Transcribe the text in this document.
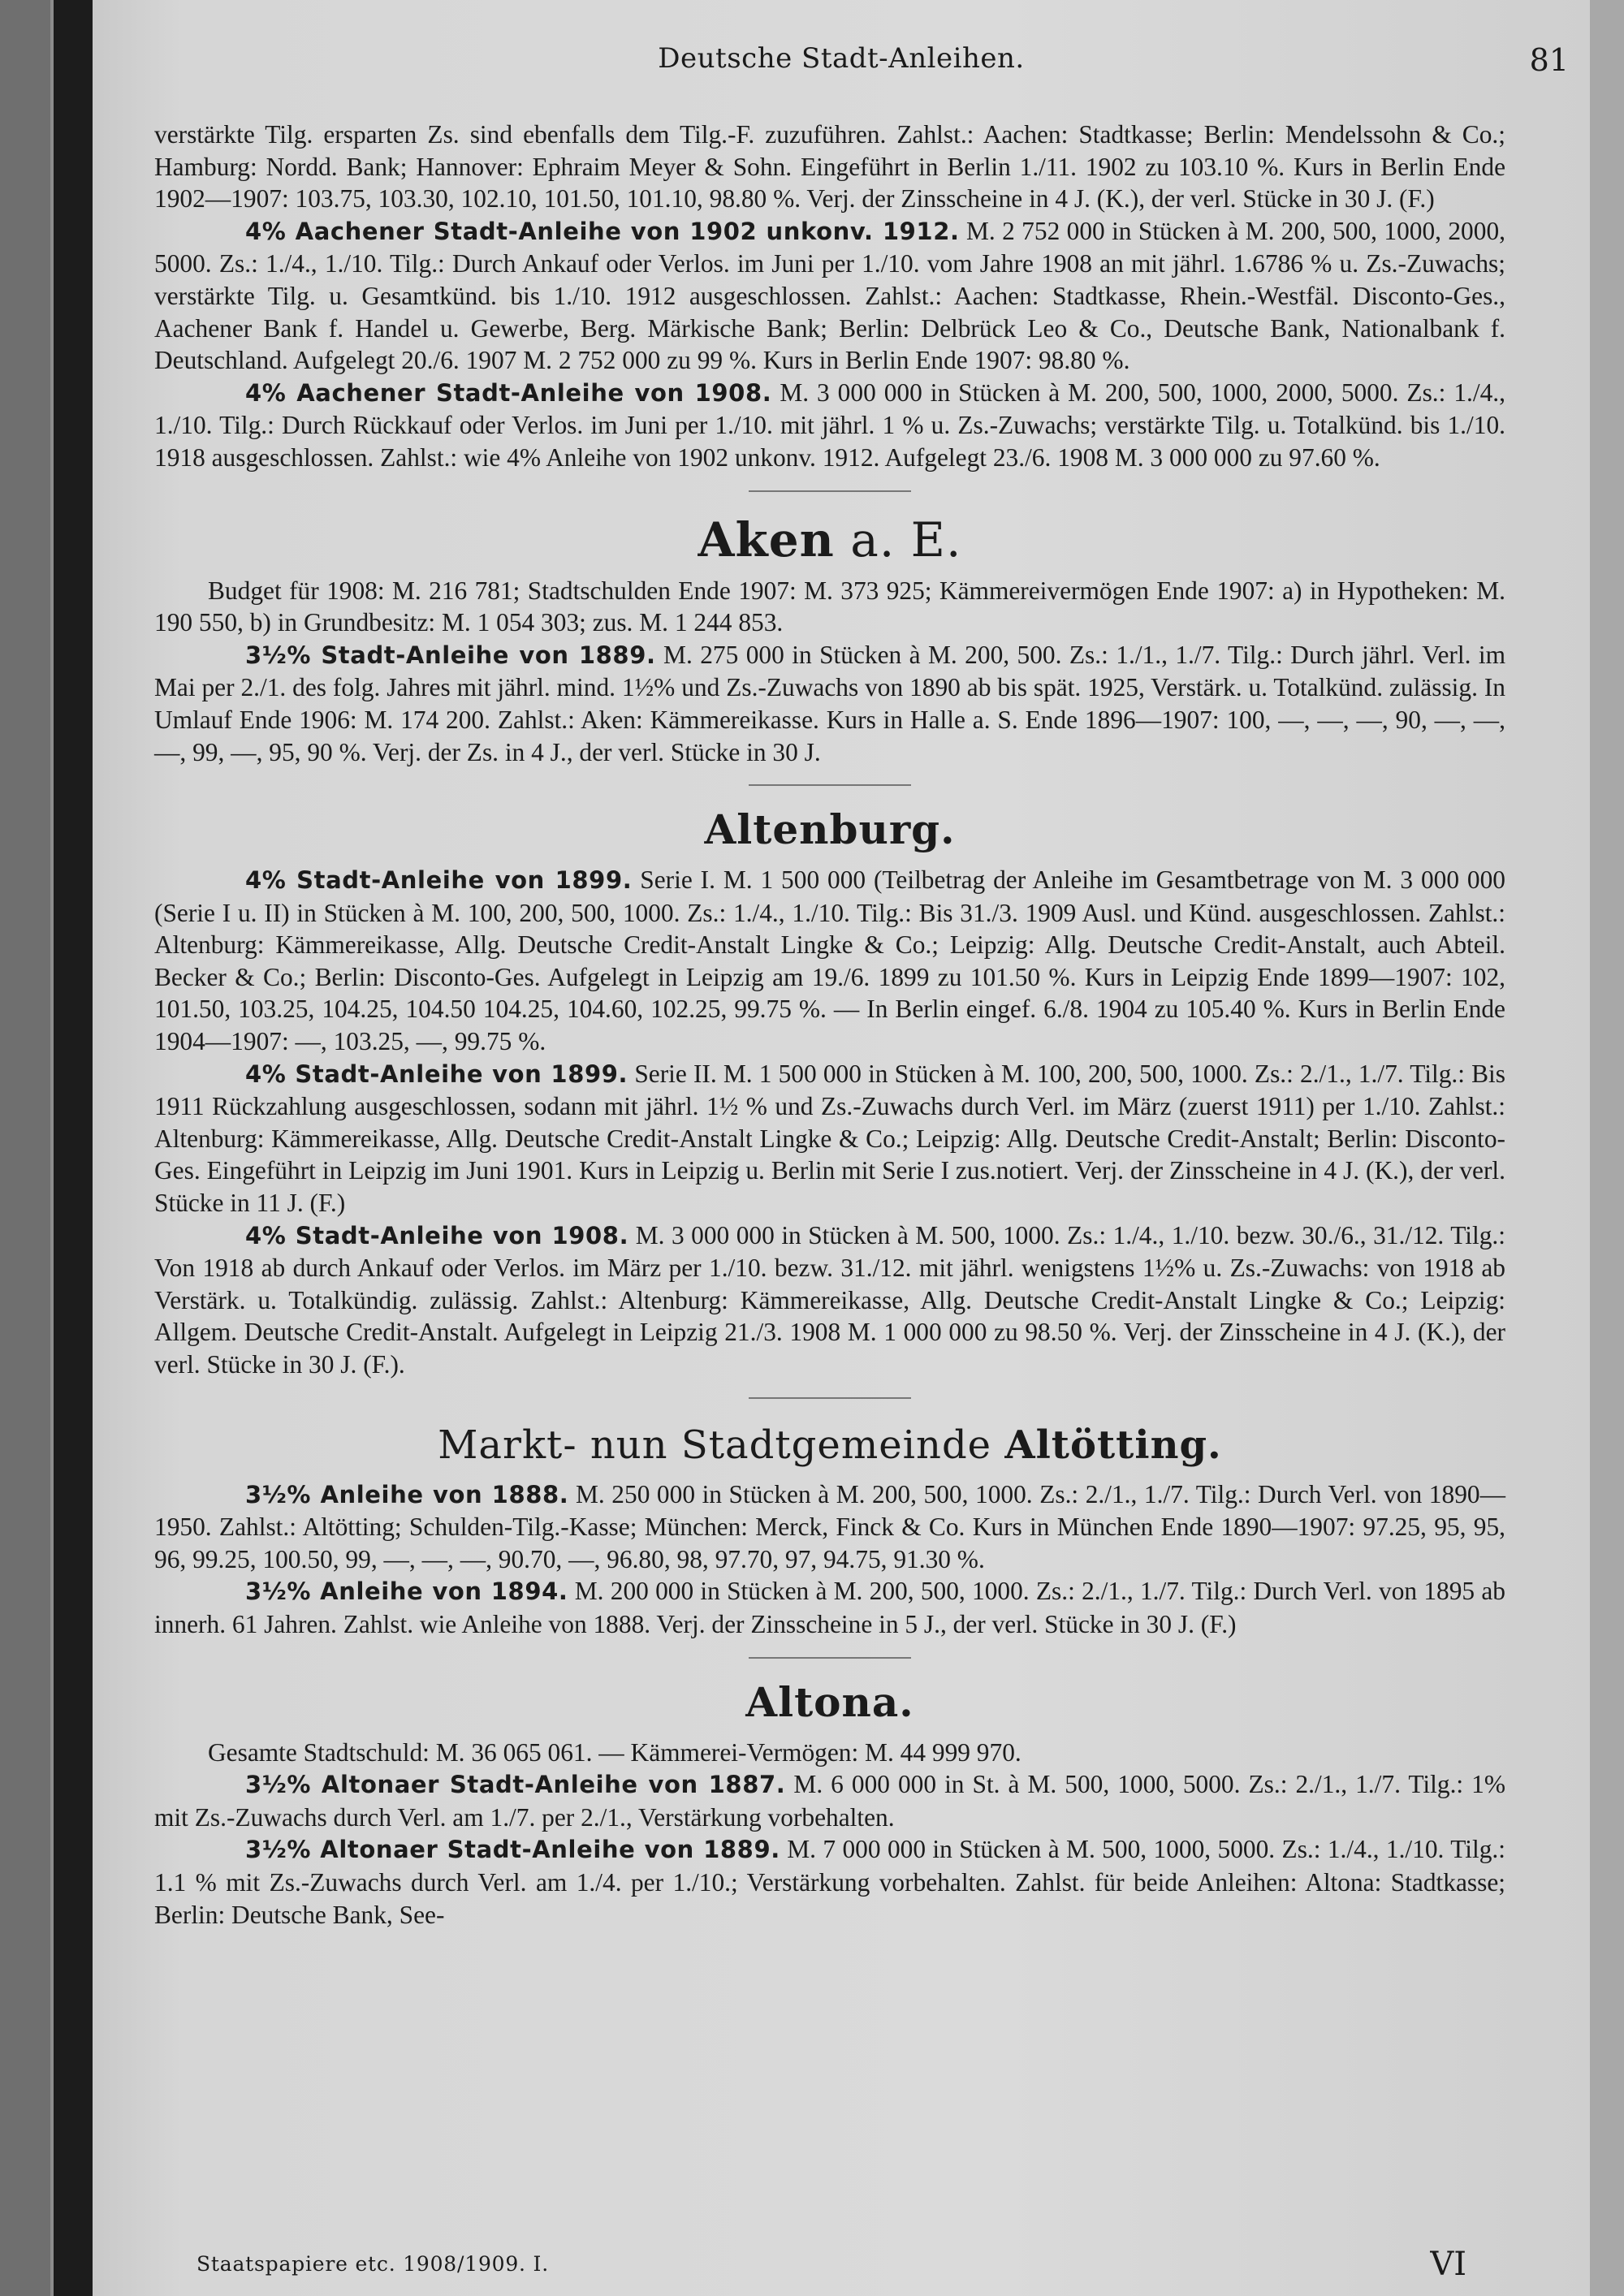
Deutsche Stadt-Anleihen.	81

verstärkte Tilg. ersparten Zs. sind ebenfalls dem Tilg.-F. zuzuführen. Zahlst.: Aachen: Stadtkasse; Berlin: Mendelssohn & Co.; Hamburg: Nordd. Bank; Hannover: Ephraim Meyer & Sohn. Eingeführt in Berlin 1./11. 1902 zu 103.10 %. Kurs in Berlin Ende 1902—1907: 103.75, 103.30, 102.10, 101.50, 101.10, 98.80 %. Verj. der Zinsscheine in 4 J. (K.), der verl. Stücke in 30 J. (F.)

4% Aachener Stadt-Anleihe von 1902 unkonv. 1912. M. 2 752 000 in Stücken à M. 200, 500, 1000, 2000, 5000. Zs.: 1./4., 1./10. Tilg.: Durch Ankauf oder Verlos. im Juni per 1./10. vom Jahre 1908 an mit jährl. 1.6786 % u. Zs.-Zuwachs; verstärkte Tilg. u. Gesamtkünd. bis 1./10. 1912 ausgeschlossen. Zahlst.: Aachen: Stadtkasse, Rhein.-Westfäl. Disconto-Ges., Aachener Bank f. Handel u. Gewerbe, Berg. Märkische Bank; Berlin: Delbrück Leo & Co., Deutsche Bank, Nationalbank f. Deutschland. Aufgelegt 20./6. 1907 M. 2 752 000 zu 99 %. Kurs in Berlin Ende 1907: 98.80 %.

4% Aachener Stadt-Anleihe von 1908. M. 3 000 000 in Stücken à M. 200, 500, 1000, 2000, 5000. Zs.: 1./4., 1./10. Tilg.: Durch Rückkauf oder Verlos. im Juni per 1./10. mit jährl. 1 % u. Zs.-Zuwachs; verstärkte Tilg. u. Totalkünd. bis 1./10. 1918 ausgeschlossen. Zahlst.: wie 4% Anleihe von 1902 unkonv. 1912. Aufgelegt 23./6. 1908 M. 3 000 000 zu 97.60 %.

Aken a. E.

Budget für 1908: M. 216 781; Stadtschulden Ende 1907: M. 373 925; Kämmereivermögen Ende 1907: a) in Hypotheken: M. 190 550, b) in Grundbesitz: M. 1 054 303; zus. M. 1 244 853.

3½% Stadt-Anleihe von 1889. M. 275 000 in Stücken à M. 200, 500. Zs.: 1./1., 1./7. Tilg.: Durch jährl. Verl. im Mai per 2./1. des folg. Jahres mit jährl. mind. 1½% und Zs.-Zuwachs von 1890 ab bis spät. 1925, Verstärk. u. Totalkünd. zulässig. In Umlauf Ende 1906: M. 174 200. Zahlst.: Aken: Kämmereikasse. Kurs in Halle a. S. Ende 1896—1907: 100, —, —, —, 90, —, —, —, 99, —, 95, 90 %. Verj. der Zs. in 4 J., der verl. Stücke in 30 J.

Altenburg.

4% Stadt-Anleihe von 1899. Serie I. M. 1 500 000 (Teilbetrag der Anleihe im Gesamtbetrage von M. 3 000 000 (Serie I u. II) in Stücken à M. 100, 200, 500, 1000. Zs.: 1./4., 1./10. Tilg.: Bis 31./3. 1909 Ausl. und Künd. ausgeschlossen. Zahlst.: Altenburg: Kämmereikasse, Allg. Deutsche Credit-Anstalt Lingke & Co.; Leipzig: Allg. Deutsche Credit-Anstalt, auch Abteil. Becker & Co.; Berlin: Disconto-Ges. Aufgelegt in Leipzig am 19./6. 1899 zu 101.50 %. Kurs in Leipzig Ende 1899—1907: 102, 101.50, 103.25, 104.25, 104.50 104.25, 104.60, 102.25, 99.75 %. — In Berlin eingef. 6./8. 1904 zu 105.40 %. Kurs in Berlin Ende 1904—1907: —, 103.25, —, 99.75 %.

4% Stadt-Anleihe von 1899. Serie II. M. 1 500 000 in Stücken à M. 100, 200, 500, 1000. Zs.: 2./1., 1./7. Tilg.: Bis 1911 Rückzahlung ausgeschlossen, sodann mit jährl. 1½ % und Zs.-Zuwachs durch Verl. im März (zuerst 1911) per 1./10. Zahlst.: Altenburg: Kämmereikasse, Allg. Deutsche Credit-Anstalt Lingke & Co.; Leipzig: Allg. Deutsche Credit-Anstalt; Berlin: Disconto-Ges. Eingeführt in Leipzig im Juni 1901. Kurs in Leipzig u. Berlin mit Serie I zus.notiert. Verj. der Zinsscheine in 4 J. (K.), der verl. Stücke in 11 J. (F.)

4% Stadt-Anleihe von 1908. M. 3 000 000 in Stücken à M. 500, 1000. Zs.: 1./4., 1./10. bezw. 30./6., 31./12. Tilg.: Von 1918 ab durch Ankauf oder Verlos. im März per 1./10. bezw. 31./12. mit jährl. wenigstens 1½% u. Zs.-Zuwachs: von 1918 ab Verstärk. u. Totalkündig. zulässig. Zahlst.: Altenburg: Kämmereikasse, Allg. Deutsche Credit-Anstalt Lingke & Co.; Leipzig: Allgem. Deutsche Credit-Anstalt. Aufgelegt in Leipzig 21./3. 1908 M. 1 000 000 zu 98.50 %. Verj. der Zinsscheine in 4 J. (K.), der verl. Stücke in 30 J. (F.).

Markt- nun Stadtgemeinde Altötting.

3½% Anleihe von 1888. M. 250 000 in Stücken à M. 200, 500, 1000. Zs.: 2./1., 1./7. Tilg.: Durch Verl. von 1890—1950. Zahlst.: Altötting; Schulden-Tilg.-Kasse; München: Merck, Finck & Co. Kurs in München Ende 1890—1907: 97.25, 95, 95, 96, 99.25, 100.50, 99, —, —, —, 90.70, —, 96.80, 98, 97.70, 97, 94.75, 91.30 %.

3½% Anleihe von 1894. M. 200 000 in Stücken à M. 200, 500, 1000. Zs.: 2./1., 1./7. Tilg.: Durch Verl. von 1895 ab innerh. 61 Jahren. Zahlst. wie Anleihe von 1888. Verj. der Zinsscheine in 5 J., der verl. Stücke in 30 J. (F.)

Altona.

Gesamte Stadtschuld: M. 36 065 061. — Kämmerei-Vermögen: M. 44 999 970.

3½% Altonaer Stadt-Anleihe von 1887. M. 6 000 000 in St. à M. 500, 1000, 5000. Zs.: 2./1., 1./7. Tilg.: 1% mit Zs.-Zuwachs durch Verl. am 1./7. per 2./1., Verstärkung vorbehalten.

3½% Altonaer Stadt-Anleihe von 1889. M. 7 000 000 in Stücken à M. 500, 1000, 5000. Zs.: 1./4., 1./10. Tilg.: 1.1 % mit Zs.-Zuwachs durch Verl. am 1./4. per 1./10.; Verstärkung vorbehalten. Zahlst. für beide Anleihen: Altona: Stadtkasse; Berlin: Deutsche Bank, See-

Staatspapiere etc. 1908/1909. I.	VI
